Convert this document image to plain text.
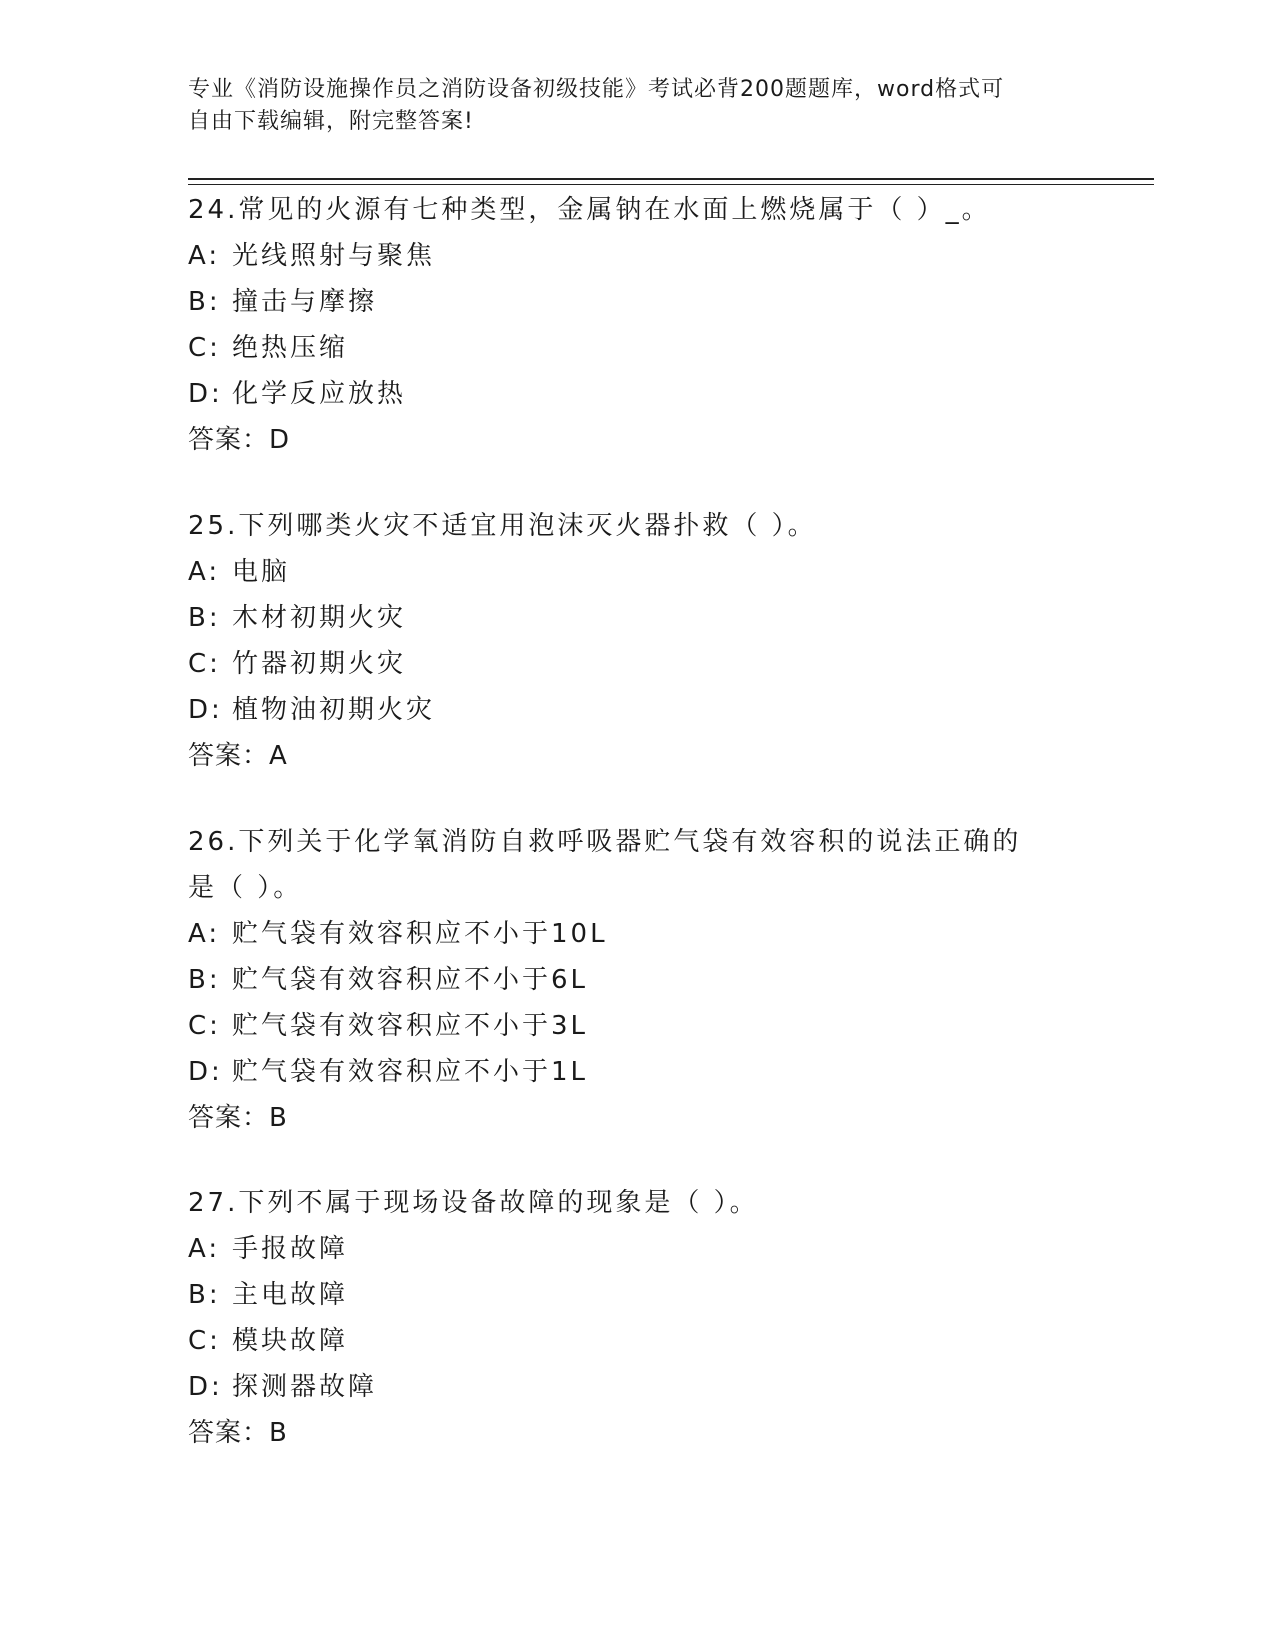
专业《消防设施操作员之消防设备初级技能》考试必背200题题库，word格式可
自由下载编辑，附完整答案!

24.常见的火源有七种类型，金属钠在水面上燃烧属于（ ）_。

A: 光线照射与聚焦

B: 撞击与摩擦

C: 绝热压缩

D: 化学反应放热

答案：D

25.下列哪类火灾不适宜用泡沫灭火器扑救（ ）。

A: 电脑

B: 木材初期火灾

C: 竹器初期火灾

D: 植物油初期火灾

答案：A

26.下列关于化学氧消防自救呼吸器贮气袋有效容积的说法正确的是（ ）。

A: 贮气袋有效容积应不小于10L

B: 贮气袋有效容积应不小于6L

C: 贮气袋有效容积应不小于3L

D: 贮气袋有效容积应不小于1L

答案：B

27.下列不属于现场设备故障的现象是（ ）。

A: 手报故障

B: 主电故障

C: 模块故障

D: 探测器故障

答案：B
